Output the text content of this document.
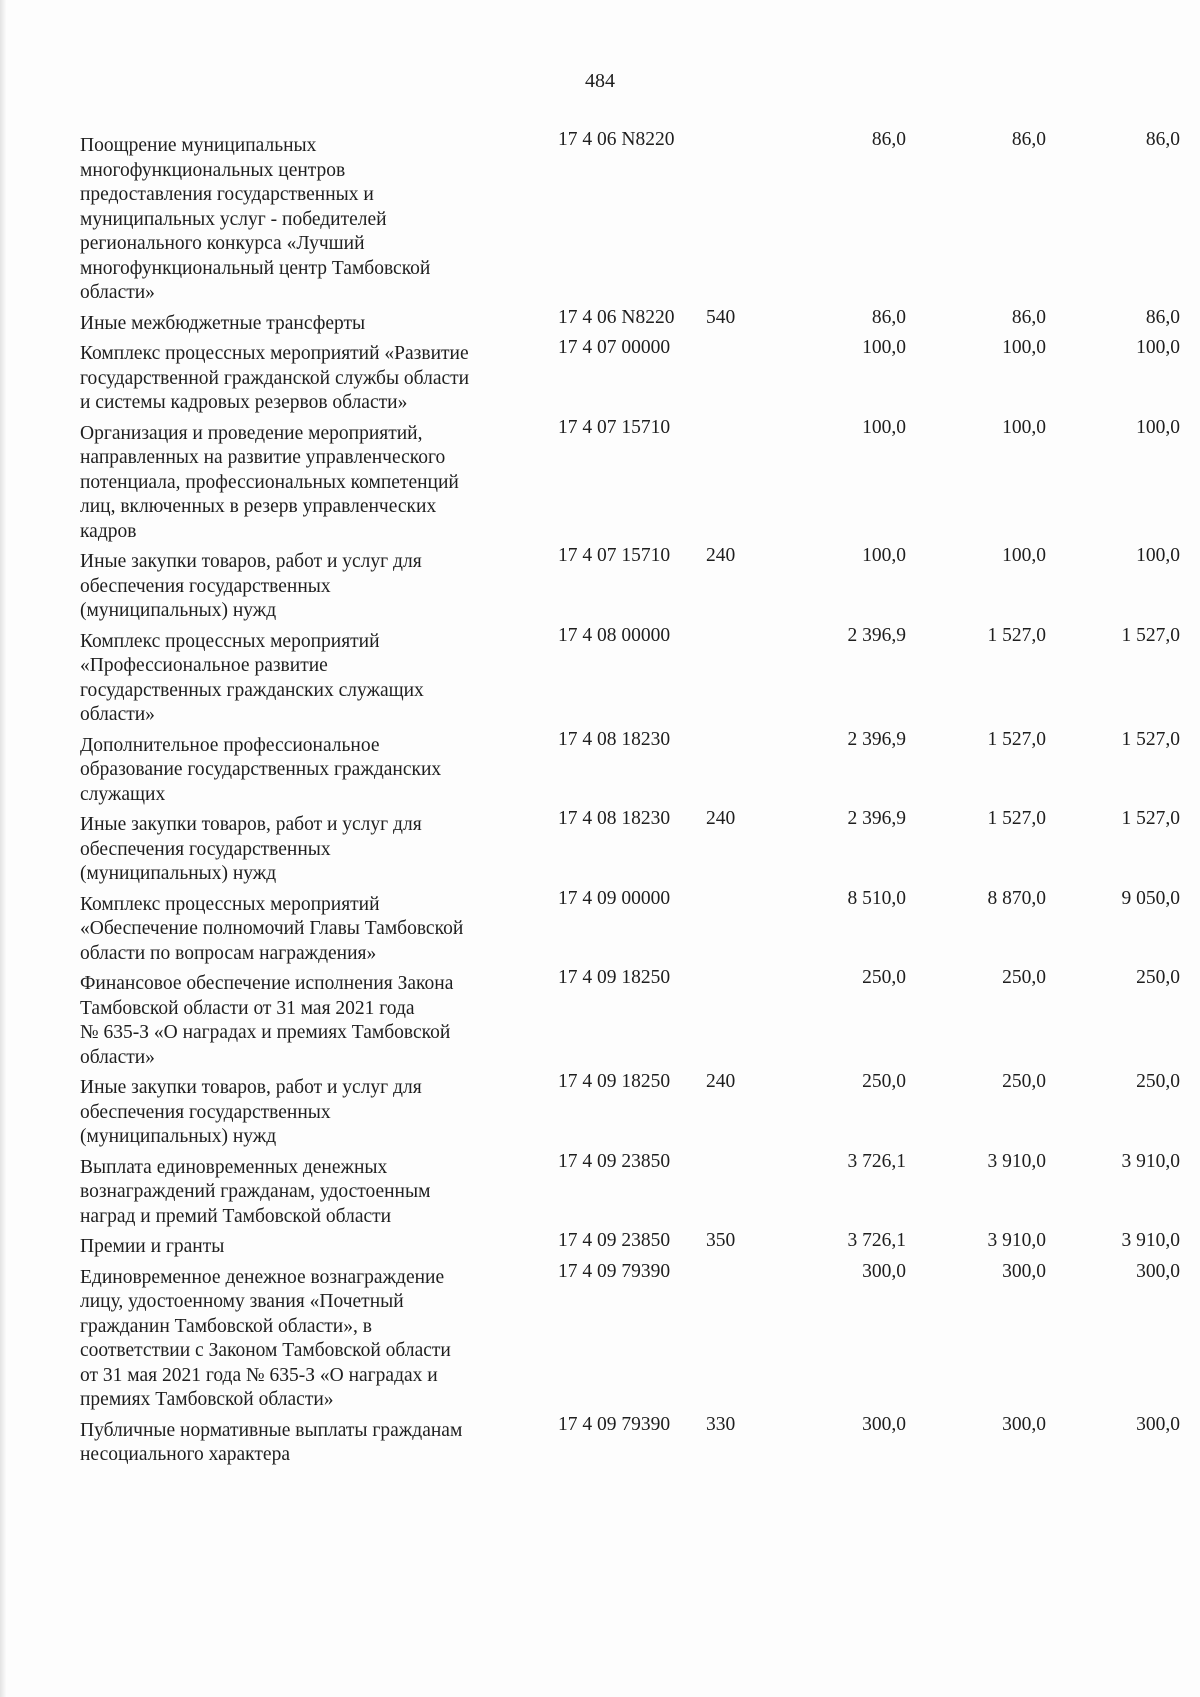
484
Поощрение муниципальных
многофункциональных центров
предоставления государственных и
муниципальных услуг - победителей
регионального конкурса «Лучший
многофункциональный центр Тамбовской
области»
17 4 06 N8220	86,0	86,0	86,0
Иные межбюджетные трансферты	17 4 06 N8220	540	86,0	86,0	86,0
Комплекс процессных мероприятий «Развитие
государственной гражданской службы области
и системы кадровых резервов области»
17 4 07 00000	100,0	100,0	100,0
Организация и проведение мероприятий,
направленных на развитие управленческого
потенциала, профессиональных компетенций
лиц, включенных в резерв управленческих
кадров
17 4 07 15710	100,0	100,0	100,0
Иные закупки товаров, работ и услуг для
обеспечения государственных
(муниципальных) нужд
17 4 07 15710	240	100,0	100,0	100,0
Комплекс процессных мероприятий
«Профессиональное развитие
государственных гражданских служащих
области»
17 4 08 00000	2 396,9	1 527,0	1 527,0
Дополнительное профессиональное
образование государственных гражданских
служащих
17 4 08 18230	2 396,9	1 527,0	1 527,0
Иные закупки товаров, работ и услуг для
обеспечения государственных
(муниципальных) нужд
17 4 08 18230	240	2 396,9	1 527,0	1 527,0
Комплекс процессных мероприятий
«Обеспечение полномочий Главы Тамбовской
области по вопросам награждения»
17 4 09 00000	8 510,0	8 870,0	9 050,0
Финансовое обеспечение исполнения Закона
Тамбовской области от 31 мая 2021 года
№ 635-З «О наградах и премиях Тамбовской
области»
17 4 09 18250	250,0	250,0	250,0
Иные закупки товаров, работ и услуг для
обеспечения государственных
(муниципальных) нужд
17 4 09 18250	240	250,0	250,0	250,0
Выплата единовременных денежных
вознаграждений гражданам, удостоенным
наград и премий Тамбовской области
17 4 09 23850	3 726,1	3 910,0	3 910,0
Премии и гранты	17 4 09 23850	350	3 726,1	3 910,0	3 910,0
Единовременное денежное вознаграждение
лицу, удостоенному звания «Почетный
гражданин Тамбовской области», в
соответствии с Законом Тамбовской области
от 31 мая 2021 года № 635-З «О наградах и
премиях Тамбовской области»
17 4 09 79390	300,0	300,0	300,0
Публичные нормативные выплаты гражданам
несоциального характера
17 4 09 79390	330	300,0	300,0	300,0
